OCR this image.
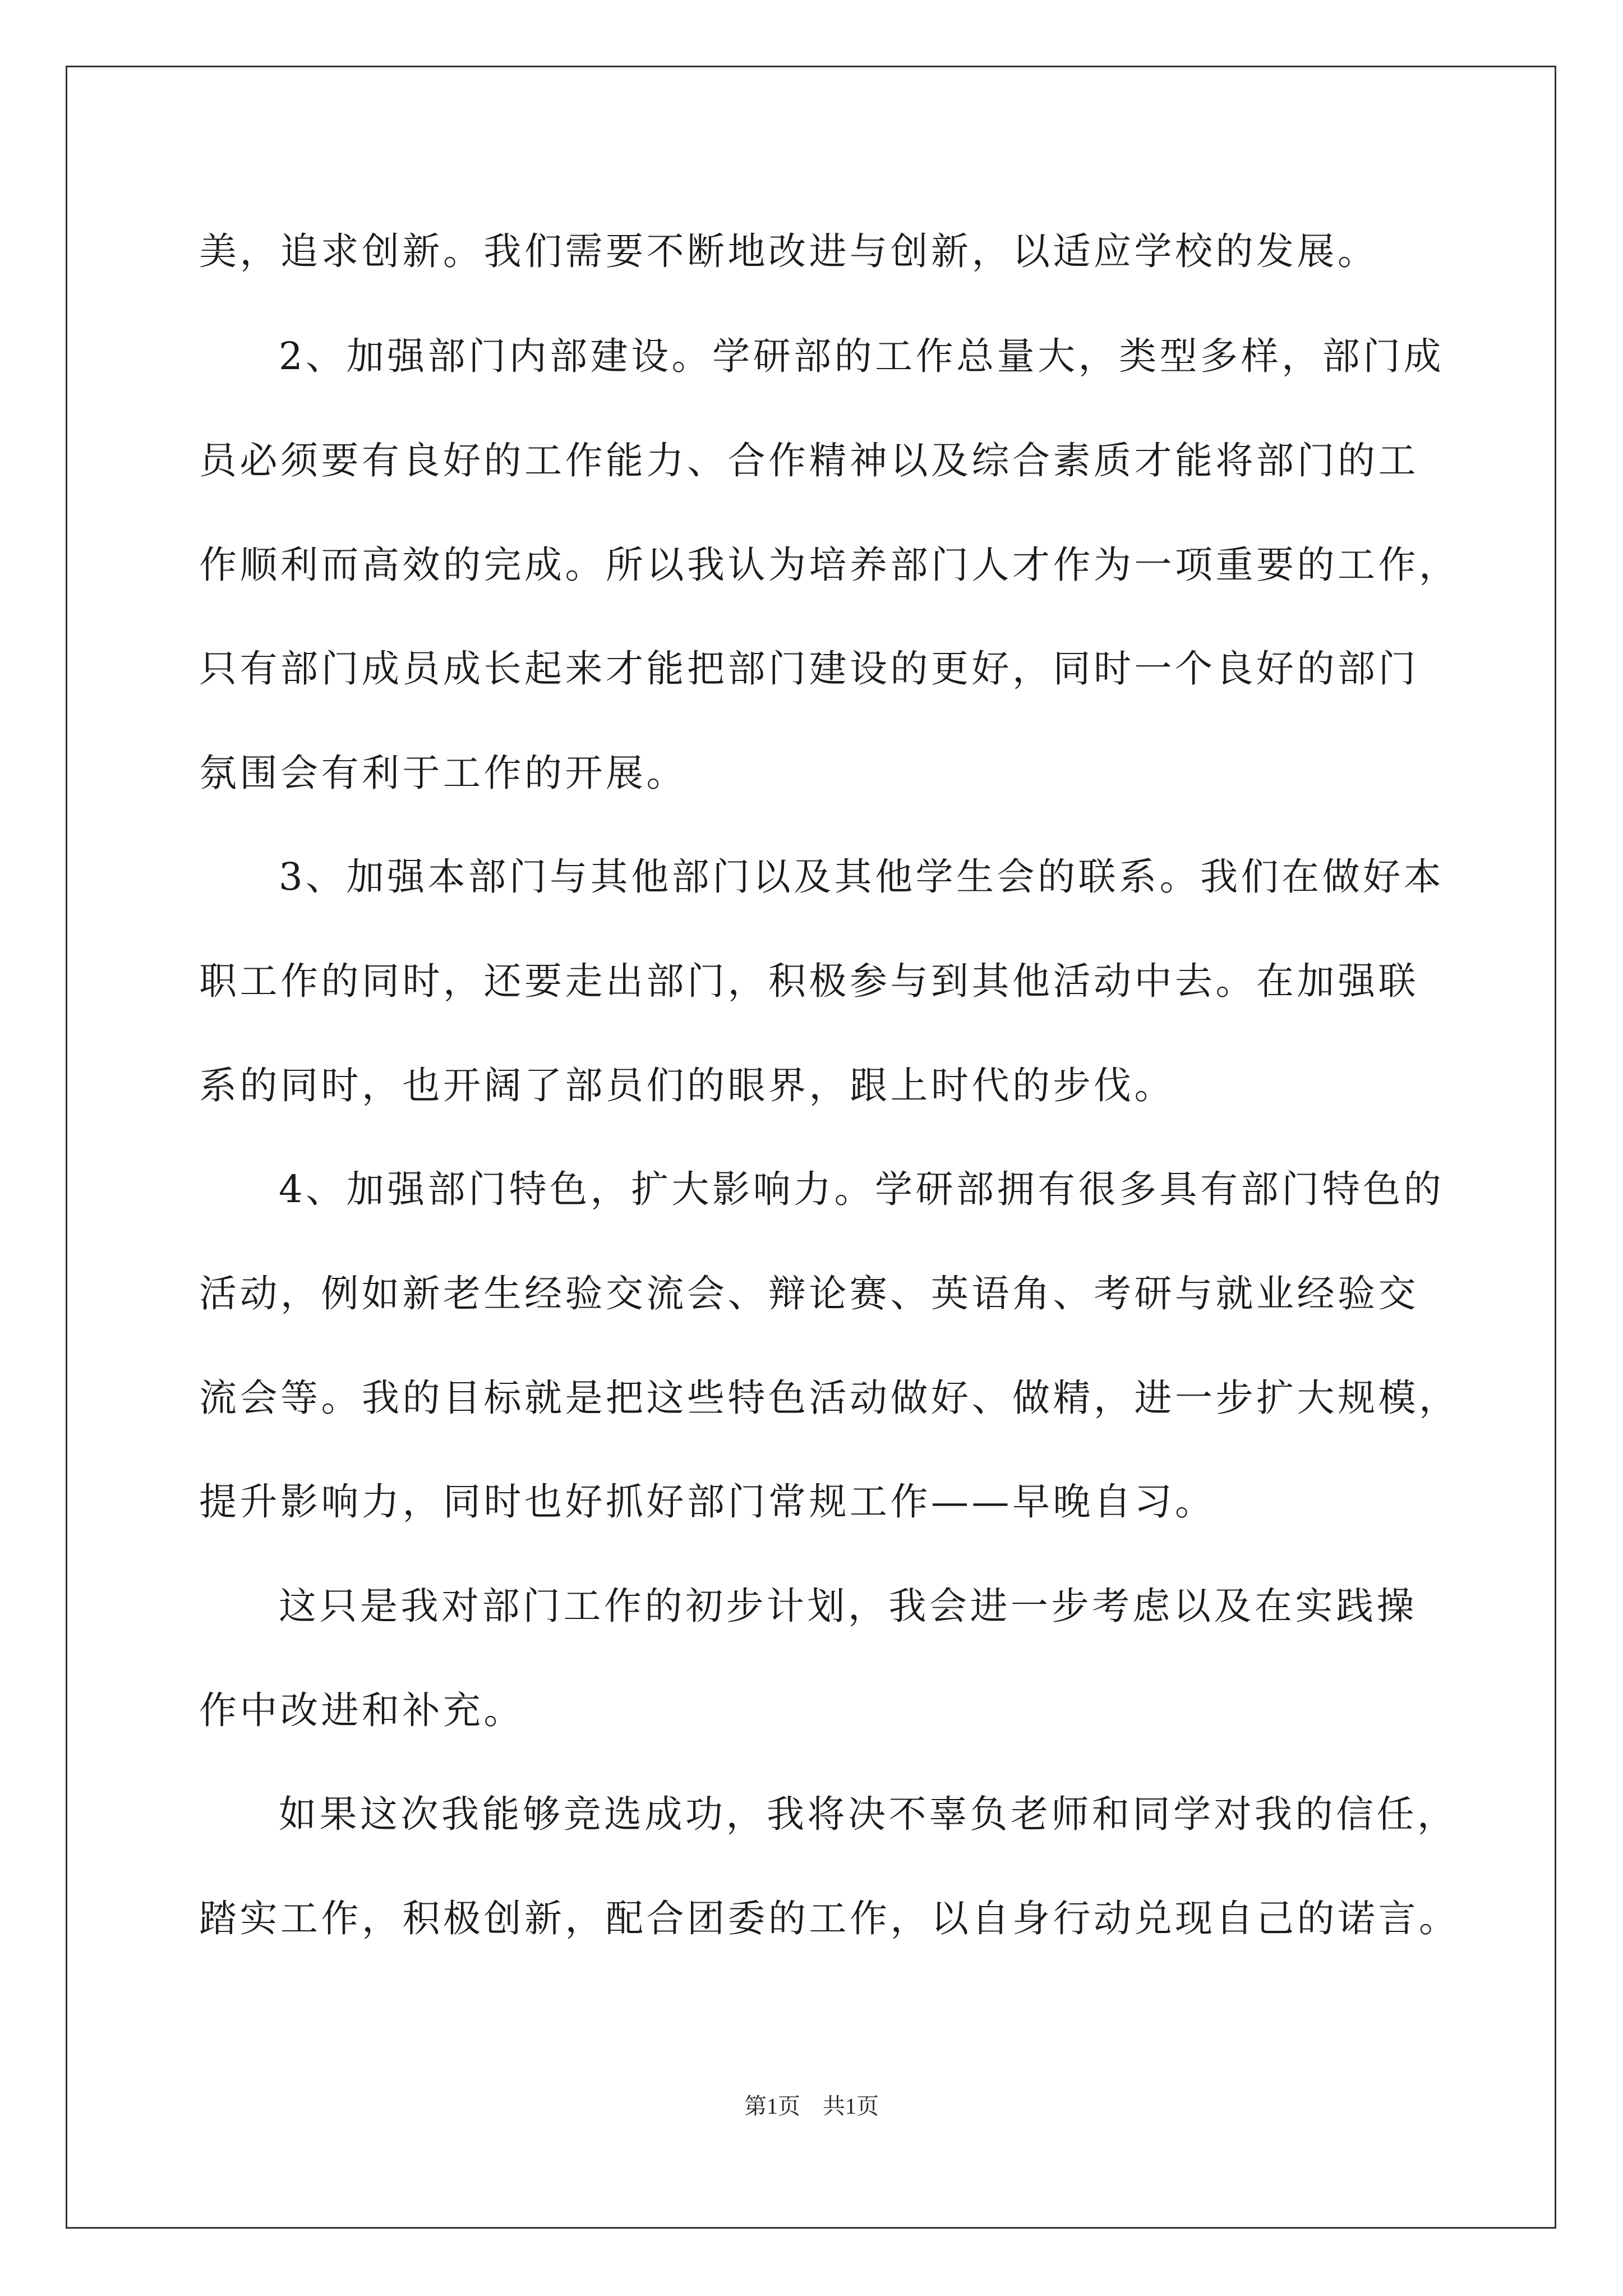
美，追求创新。我们需要不断地改进与创新，以适应学校的发展。
2、加强部门内部建设。学研部的工作总量大，类型多样，部门成
员必须要有良好的工作能力、合作精神以及综合素质才能将部门的工
作顺利而高效的完成。所以我认为培养部门人才作为一项重要的工作，
只有部门成员成长起来才能把部门建设的更好，同时一个良好的部门
氛围会有利于工作的开展。
3、加强本部门与其他部门以及其他学生会的联系。我们在做好本
职工作的同时，还要走出部门，积极参与到其他活动中去。在加强联
系的同时，也开阔了部员们的眼界，跟上时代的步伐。
4、加强部门特色，扩大影响力。学研部拥有很多具有部门特色的
活动，例如新老生经验交流会、辩论赛、英语角、考研与就业经验交
流会等。我的目标就是把这些特色活动做好、做精，进一步扩大规模，
提升影响力，同时也好抓好部门常规工作——早晚自习。
这只是我对部门工作的初步计划，我会进一步考虑以及在实践操
作中改进和补充。
如果这次我能够竞选成功，我将决不辜负老师和同学对我的信任，
踏实工作，积极创新，配合团委的工作，以自身行动兑现自己的诺言。
第1页　共1页
